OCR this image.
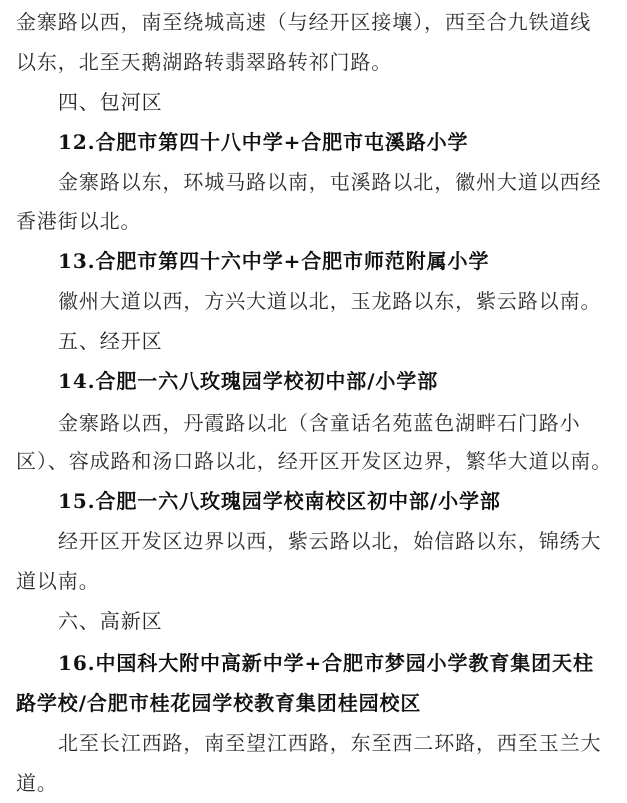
金寨路以西，南至绕城高速（与经开区接壤），西至合九铁道线
以东，北至天鹅湖路转翡翠路转祁门路。
四、包河区
12.合肥市第四十八中学+合肥市屯溪路小学
金寨路以东，环城马路以南，屯溪路以北，徽州大道以西经
香港街以北。
13.合肥市第四十六中学+合肥市师范附属小学
徽州大道以西，方兴大道以北，玉龙路以东，紫云路以南。
五、经开区
14.合肥一六八玫瑰园学校初中部/小学部
金寨路以西，丹霞路以北（含童话名苑蓝色湖畔石门路小
区）、容成路和汤口路以北，经开区开发区边界，繁华大道以南。
15.合肥一六八玫瑰园学校南校区初中部/小学部
经开区开发区边界以西，紫云路以北，始信路以东，锦绣大
道以南。
六、高新区
16.中国科大附中高新中学+合肥市梦园小学教育集团天柱
路学校/合肥市桂花园学校教育集团桂园校区
北至长江西路，南至望江西路，东至西二环路，西至玉兰大
道。
